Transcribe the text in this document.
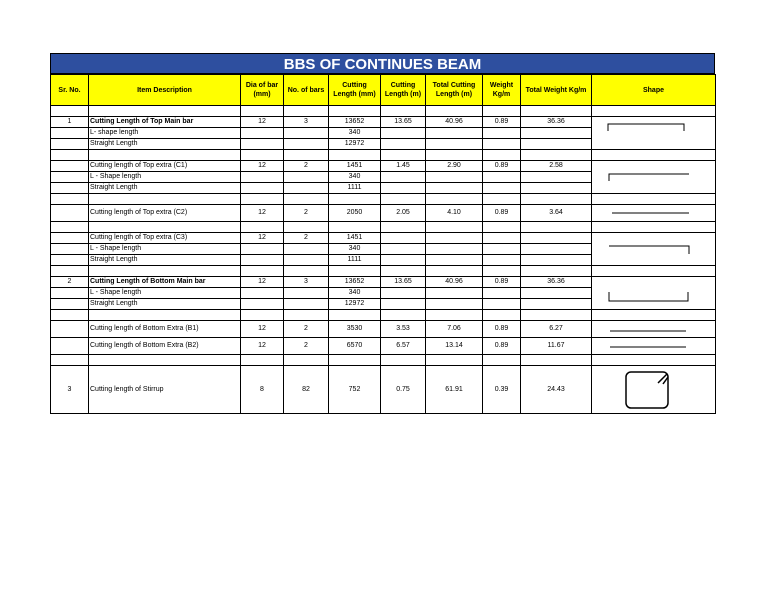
BBS OF CONTINUES BEAM
Sr. No.	Item Description	Dia of bar (mm)	No. of bars	Cutting Length (mm)	Cutting Length (m)	Total Cutting Length (m)	Weight Kg/m	Total Weight Kg/m	Shape

1	Cutting Length of Top Main bar	12	3	13652	13.65	40.96	0.89	36.36	

	L- shape length			340					
	Straight Length			12972					

	Cutting length of Top extra (C1)	12	2	1451	1.45	2.90	0.89	2.58	

	L - Shape length			340					
	Straight Length			1111					

	Cutting length of Top extra (C2)	12	2	2050	2.05	4.10	0.89	3.64	

	Cutting length of Top extra (C3)	12	2	1451					

	L - Shape length			340					
	Straight Length			1111					

2	Cutting Length of Bottom Main bar	12	3	13652	13.65	40.96	0.89	36.36	

	L - Shape length			340					
	Straight Length			12972					

	Cutting length of Bottom Extra (B1)	12	2	3530	3.53	7.06	0.89	6.27	

	Cutting length of Bottom Extra (B2)	12	2	6570	6.57	13.14	0.89	11.67	

3	Cutting length of Stirrup	8	82	752	0.75	61.91	0.39	24.43	
